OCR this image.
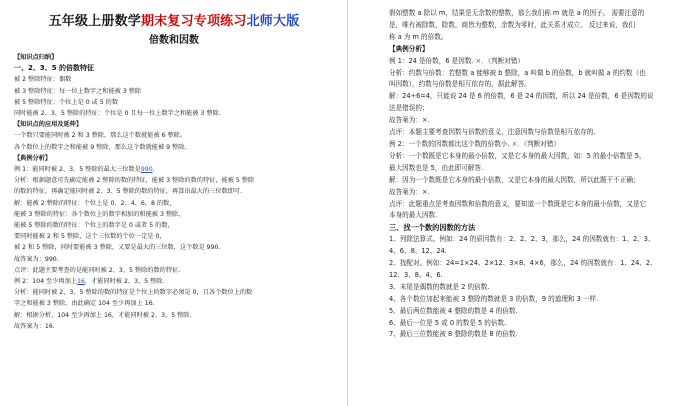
五年级上册数学期末复习专项练习北师大版
倍数和因数
【知识点归纳】
一、2、3、5 的倍数特征
被 2 整除特征：偶数
被 3 整除特征：每一位上数字之和能被 3 整除
被 5 整除特征：个位上是 0 或 5 的数
同时能被 2、3、5 整除的特征：个位是 0 且每一位上数字之和能被 3 整除.
【知识点的应用及延伸】
一个数只要能同时被 2 和 3 整除，那么这个数就能被 6 整除。
各个数位上的数字之和能被 9 整除，那么这个数就能被 9 整除。
【典例分析】
例 1：能同时被 2、3、5 整除的最大三位数是990.
分析：根据题意可先确定能被 2 整除的数的特征，能被 3 整除的数的特征，能被 5 整除
的数的特征，再确定能同时被 2、3、5 整除的数的特征，再算出最大的三位数即可.
解：能被 2 整除的特征：个位上是 0、2、4、6、8 的数，
能被 3 整除的特征：各个数位上的数字相加的和能被 3 整除，
能被 5 整除的数的特征：个位上的数字是 0 或者 5 的数，
要同时能被 2 和 5 整除，这个三位数的个位一定是 0，
被 2 和 5 整除，同时要能被 3 整除，又要是最大的三位数，这个数是 990.
故答案为：990.
点评：此题主要考查的是能同时被 2、3、5 整除的数的特征.
例 2：104 至少再加上16，才能同时被 2、3、5 整除.
分析：能同时被 2、3、5 整除的数的特征是个位上的数字必须是 0，且各个数位上的数
字之和能被 3 整除，由此确定 104 至少再加上 16.
解：根据分析，104 至少再加上 16，才能同时被 2、3、5 整除.
故答案为：16.
假如整数 a 除以 m，结果是无余数的整数，那么我们称 m 就是 a 的因子。 需要注意的
是，唯有被除数，除数，商皆为整数，余数为零时，此关系才成立。 反过来说，我们
称 a 为 m 的倍数。
【典例分析】
例 1：24 是倍数，6 是因数. ×．（判断对错）
分析：约数与倍数：若整数 a 能够被 b 整除，a 叫做 b 的倍数，b 就叫做 a 的约数（也
叫因数），约数与倍数是相互依存的，据此解答。
解：24÷6=4，只能说 24 是 6 的倍数，6 是 24 的因数，所以 24 是倍数，6 是因数的说
法是错误的；
故答案为：×.
点评：本题主要考查因数与倍数的意义，注意因数与倍数是相互依存的.
例 2：一个数的因数都比这个数的倍数小. ×．（判断对错）
分析：一个数既是它本身的最小倍数，又是它本身的最大因数，如：5 的最小倍数是 5，
最大因数也是 5，由此即可解答.
解：因为一个数既是它本身的最小倍数，又是它本身的最大因数，所以此题干不正确；
故答案为：×.
点评：此题重点是考查因数和倍数的意义，要知道一个数既是它本身的最小倍数，又是它
本身的最大因数.
三、找一个数的因数的方法
1、列除法算式。例如：24 的质因数有：2、2、2、3，那么，24 的因数就有：1、2、3、
4、6、8、12、24.
2、找配对。例如：24=1×24、2×12、3×8、4×6，那么，24 的因数就有：1、24、2、
12、3、8、4、6.
3、末尾是偶数的数就是 2 的倍数.
4、各个数位加起来能被 3 整除的数就是 3 的倍数，9 的道理和 3 一样.
5、最后两位数能被 4 整除的数是 4 的倍数.
6、最后一位是 5 或 0 的数是 5 的倍数.
7、最后三位数能被 8 整除的数是 8 的倍数.
